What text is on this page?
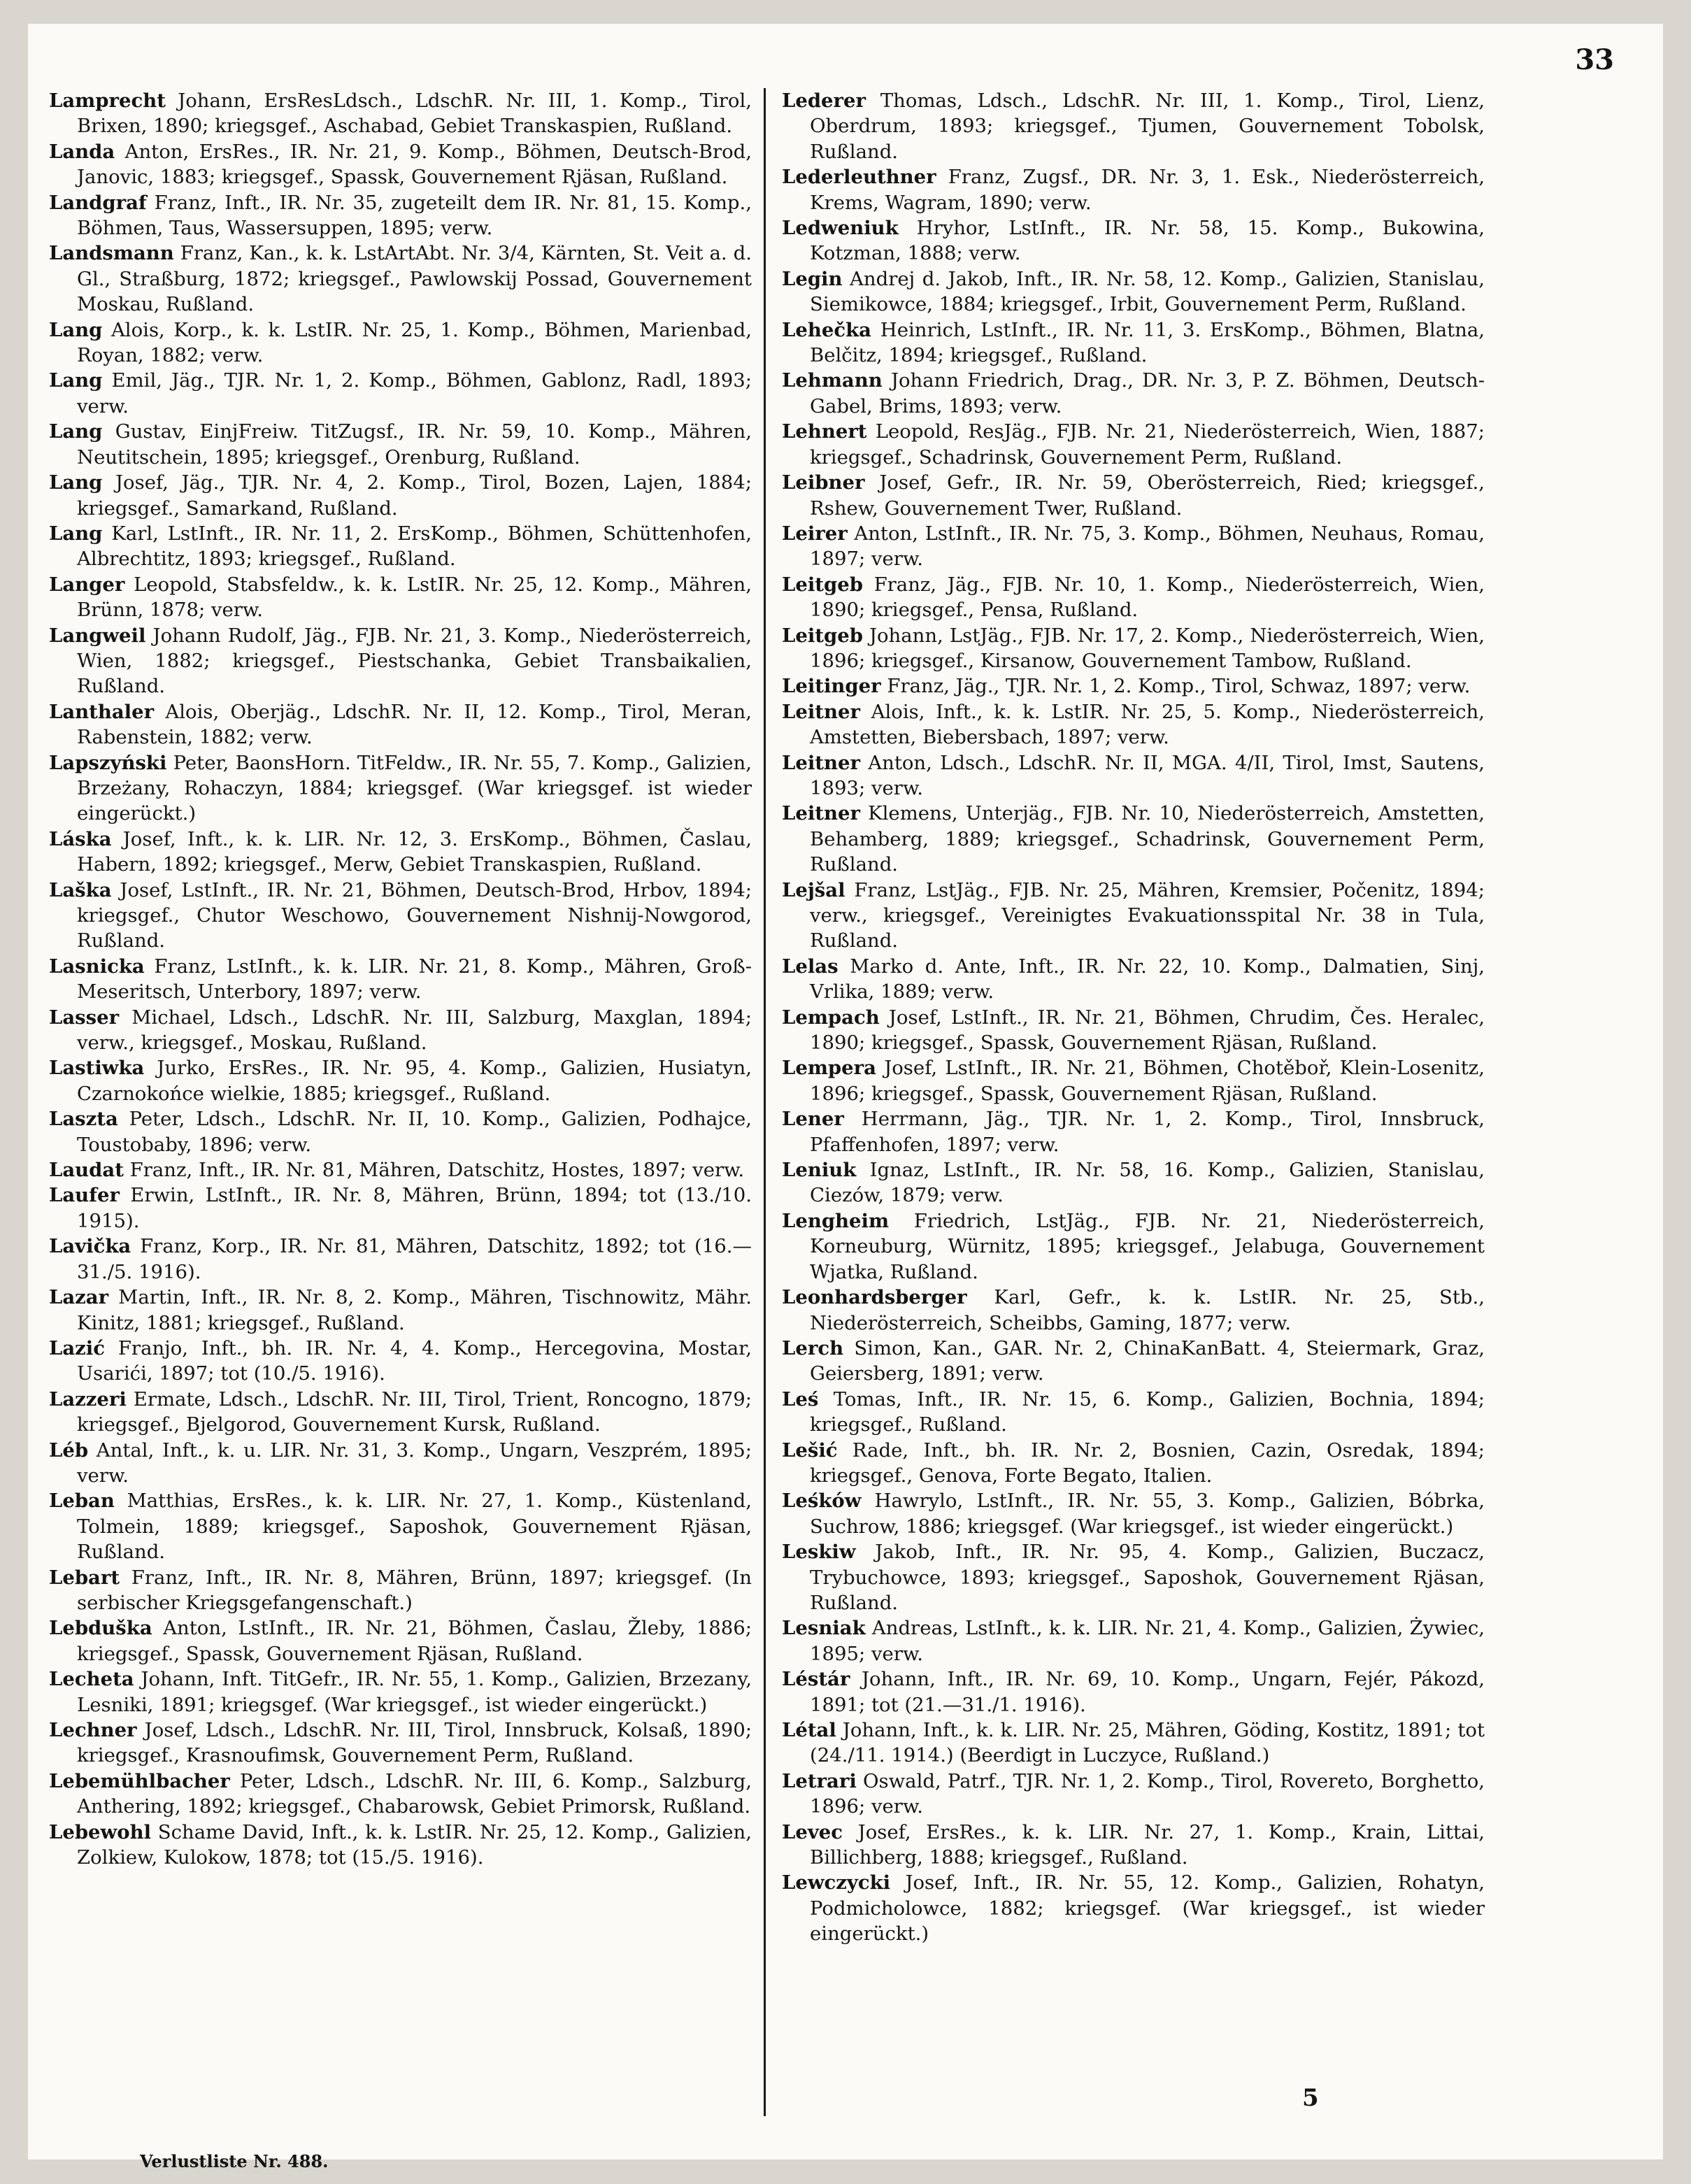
33

Lamprecht Johann, ErsResLdsch., LdschR. Nr. III, 1. Komp., Tirol, Brixen, 1890; kriegsgef., Aschabad, Gebiet Transkaspien, Rußland.

Landa Anton, ErsRes., IR. Nr. 21, 9. Komp., Böhmen, Deutsch-Brod, Janovic, 1883; kriegsgef., Spassk, Gouvernement Rjäsan, Rußland.

Landgraf Franz, Inft., IR. Nr. 35, zugeteilt dem IR. Nr. 81, 15. Komp., Böhmen, Taus, Wassersuppen, 1895; verw.

Landsmann Franz, Kan., k. k. LstArtAbt. Nr. 3/4, Kärnten, St. Veit a. d. Gl., Straßburg, 1872; kriegsgef., Pawlowskij Possad, Gouvernement Moskau, Rußland.

Lang Alois, Korp., k. k. LstIR. Nr. 25, 1. Komp., Böhmen, Marienbad, Royan, 1882; verw.

Lang Emil, Jäg., TJR. Nr. 1, 2. Komp., Böhmen, Gablonz, Radl, 1893; verw.

Lang Gustav, EinjFreiw. TitZugsf., IR. Nr. 59, 10. Komp., Mähren, Neutitschein, 1895; kriegsgef., Orenburg, Rußland.

Lang Josef, Jäg., TJR. Nr. 4, 2. Komp., Tirol, Bozen, Lajen, 1884; kriegsgef., Samarkand, Rußland.

Lang Karl, LstInft., IR. Nr. 11, 2. ErsKomp., Böhmen, Schüttenhofen, Albrechtitz, 1893; kriegsgef., Rußland.

Langer Leopold, Stabsfeldw., k. k. LstIR. Nr. 25, 12. Komp., Mähren, Brünn, 1878; verw.

Langweil Johann Rudolf, Jäg., FJB. Nr. 21, 3. Komp., Niederösterreich, Wien, 1882; kriegsgef., Piestschanka, Gebiet Transbaikalien, Rußland.

Lanthaler Alois, Oberjäg., LdschR. Nr. II, 12. Komp., Tirol, Meran, Rabenstein, 1882; verw.

Lapszyński Peter, BaonsHorn. TitFeldw., IR. Nr. 55, 7. Komp., Galizien, Brzeżany, Rohaczyn, 1884; kriegsgef. (War kriegsgef. ist wieder eingerückt.)

Láska Josef, Inft., k. k. LIR. Nr. 12, 3. ErsKomp., Böhmen, Časlau, Habern, 1892; kriegsgef., Merw, Gebiet Transkaspien, Rußland.

Laška Josef, LstInft., IR. Nr. 21, Böhmen, Deutsch-Brod, Hrbov, 1894; kriegsgef., Chutor Weschowo, Gouvernement Nishnij-Nowgorod, Rußland.

Lasnicka Franz, LstInft., k. k. LIR. Nr. 21, 8. Komp., Mähren, Groß-Meseritsch, Unterbory, 1897; verw.

Lasser Michael, Ldsch., LdschR. Nr. III, Salzburg, Maxglan, 1894; verw., kriegsgef., Moskau, Rußland.

Lastiwka Jurko, ErsRes., IR. Nr. 95, 4. Komp., Galizien, Husiatyn, Czarnokońce wielkie, 1885; kriegsgef., Rußland.

Laszta Peter, Ldsch., LdschR. Nr. II, 10. Komp., Galizien, Podhajce, Toustobaby, 1896; verw.

Laudat Franz, Inft., IR. Nr. 81, Mähren, Datschitz, Hostes, 1897; verw.

Laufer Erwin, LstInft., IR. Nr. 8, Mähren, Brünn, 1894; tot (13./10. 1915).

Lavička Franz, Korp., IR. Nr. 81, Mähren, Datschitz, 1892; tot (16.—31./5. 1916).

Lazar Martin, Inft., IR. Nr. 8, 2. Komp., Mähren, Tischnowitz, Mähr. Kinitz, 1881; kriegsgef., Rußland.

Lazić Franjo, Inft., bh. IR. Nr. 4, 4. Komp., Hercegovina, Mostar, Usarići, 1897; tot (10./5. 1916).

Lazzeri Ermate, Ldsch., LdschR. Nr. III, Tirol, Trient, Roncogno, 1879; kriegsgef., Bjelgorod, Gouvernement Kursk, Rußland.

Léb Antal, Inft., k. u. LIR. Nr. 31, 3. Komp., Ungarn, Veszprém, 1895; verw.

Leban Matthias, ErsRes., k. k. LIR. Nr. 27, 1. Komp., Küstenland, Tolmein, 1889; kriegsgef., Saposhok, Gouvernement Rjäsan, Rußland.

Lebart Franz, Inft., IR. Nr. 8, Mähren, Brünn, 1897; kriegsgef. (In serbischer Kriegsgefangenschaft.)

Lebduška Anton, LstInft., IR. Nr. 21, Böhmen, Časlau, Žleby, 1886; kriegsgef., Spassk, Gouvernement Rjäsan, Rußland.

Lecheta Johann, Inft. TitGefr., IR. Nr. 55, 1. Komp., Galizien, Brzezany, Lesniki, 1891; kriegsgef. (War kriegsgef., ist wieder eingerückt.)

Lechner Josef, Ldsch., LdschR. Nr. III, Tirol, Innsbruck, Kolsaß, 1890; kriegsgef., Krasnoufimsk, Gouvernement Perm, Rußland.

Lebemühlbacher Peter, Ldsch., LdschR. Nr. III, 6. Komp., Salzburg, Anthering, 1892; kriegsgef., Chabarowsk, Gebiet Primorsk, Rußland.

Lebewohl Schame David, Inft., k. k. LstIR. Nr. 25, 12. Komp., Galizien, Zolkiew, Kulokow, 1878; tot (15./5. 1916).

Lederer Thomas, Ldsch., LdschR. Nr. III, 1. Komp., Tirol, Lienz, Oberdrum, 1893; kriegsgef., Tjumen, Gouvernement Tobolsk, Rußland.

Lederleuthner Franz, Zugsf., DR. Nr. 3, 1. Esk., Niederösterreich, Krems, Wagram, 1890; verw.

Ledweniuk Hryhor, LstInft., IR. Nr. 58, 15. Komp., Bukowina, Kotzman, 1888; verw.

Legin Andrej d. Jakob, Inft., IR. Nr. 58, 12. Komp., Galizien, Stanislau, Siemikowce, 1884; kriegsgef., Irbit, Gouvernement Perm, Rußland.

Lehečka Heinrich, LstInft., IR. Nr. 11, 3. ErsKomp., Böhmen, Blatna, Belčitz, 1894; kriegsgef., Rußland.

Lehmann Johann Friedrich, Drag., DR. Nr. 3, P. Z. Böhmen, Deutsch-Gabel, Brims, 1893; verw.

Lehnert Leopold, ResJäg., FJB. Nr. 21, Niederösterreich, Wien, 1887; kriegsgef., Schadrinsk, Gouvernement Perm, Rußland.

Leibner Josef, Gefr., IR. Nr. 59, Oberösterreich, Ried; kriegsgef., Rshew, Gouvernement Twer, Rußland.

Leirer Anton, LstInft., IR. Nr. 75, 3. Komp., Böhmen, Neuhaus, Romau, 1897; verw.

Leitgeb Franz, Jäg., FJB. Nr. 10, 1. Komp., Niederösterreich, Wien, 1890; kriegsgef., Pensa, Rußland.

Leitgeb Johann, LstJäg., FJB. Nr. 17, 2. Komp., Niederösterreich, Wien, 1896; kriegsgef., Kirsanow, Gouvernement Tambow, Rußland.

Leitinger Franz, Jäg., TJR. Nr. 1, 2. Komp., Tirol, Schwaz, 1897; verw.

Leitner Alois, Inft., k. k. LstIR. Nr. 25, 5. Komp., Niederösterreich, Amstetten, Biebersbach, 1897; verw.

Leitner Anton, Ldsch., LdschR. Nr. II, MGA. 4/II, Tirol, Imst, Sautens, 1893; verw.

Leitner Klemens, Unterjäg., FJB. Nr. 10, Niederösterreich, Amstetten, Behamberg, 1889; kriegsgef., Schadrinsk, Gouvernement Perm, Rußland.

Lejšal Franz, LstJäg., FJB. Nr. 25, Mähren, Kremsier, Počenitz, 1894; verw., kriegsgef., Vereinigtes Evakuationsspital Nr. 38 in Tula, Rußland.

Lelas Marko d. Ante, Inft., IR. Nr. 22, 10. Komp., Dalmatien, Sinj, Vrlika, 1889; verw.

Lempach Josef, LstInft., IR. Nr. 21, Böhmen, Chrudim, Čes. Heralec, 1890; kriegsgef., Spassk, Gouvernement Rjäsan, Rußland.

Lempera Josef, LstInft., IR. Nr. 21, Böhmen, Chotěboř, Klein-Losenitz, 1896; kriegsgef., Spassk, Gouvernement Rjäsan, Rußland.

Lener Herrmann, Jäg., TJR. Nr. 1, 2. Komp., Tirol, Innsbruck, Pfaffenhofen, 1897; verw.

Leniuk Ignaz, LstInft., IR. Nr. 58, 16. Komp., Galizien, Stanislau, Ciezów, 1879; verw.

Lengheim Friedrich, LstJäg., FJB. Nr. 21, Niederösterreich, Korneuburg, Würnitz, 1895; kriegsgef., Jelabuga, Gouvernement Wjatka, Rußland.

Leonhardsberger Karl, Gefr., k. k. LstIR. Nr. 25, Stb., Niederösterreich, Scheibbs, Gaming, 1877; verw.

Lerch Simon, Kan., GAR. Nr. 2, ChinaKanBatt. 4, Steiermark, Graz, Geiersberg, 1891; verw.

Leś Tomas, Inft., IR. Nr. 15, 6. Komp., Galizien, Bochnia, 1894; kriegsgef., Rußland.

Lešić Rade, Inft., bh. IR. Nr. 2, Bosnien, Cazin, Osredak, 1894; kriegsgef., Genova, Forte Begato, Italien.

Leśków Hawrylo, LstInft., IR. Nr. 55, 3. Komp., Galizien, Bóbrka, Suchrow, 1886; kriegsgef. (War kriegsgef., ist wieder eingerückt.)

Leskiw Jakob, Inft., IR. Nr. 95, 4. Komp., Galizien, Buczacz, Trybuchowce, 1893; kriegsgef., Saposhok, Gouvernement Rjäsan, Rußland.

Lesniak Andreas, LstInft., k. k. LIR. Nr. 21, 4. Komp., Galizien, Żywiec, 1895; verw.

Léstár Johann, Inft., IR. Nr. 69, 10. Komp., Ungarn, Fejér, Pákozd, 1891; tot (21.—31./1. 1916).

Létal Johann, Inft., k. k. LIR. Nr. 25, Mähren, Göding, Kostitz, 1891; tot (24./11. 1914.) (Beerdigt in Luczyce, Rußland.)

Letrari Oswald, Patrf., TJR. Nr. 1, 2. Komp., Tirol, Rovereto, Borghetto, 1896; verw.

Levec Josef, ErsRes., k. k. LIR. Nr. 27, 1. Komp., Krain, Littai, Billichberg, 1888; kriegsgef., Rußland.

Lewczycki Josef, Inft., IR. Nr. 55, 12. Komp., Galizien, Rohatyn, Podmicholowce, 1882; kriegsgef. (War kriegsgef., ist wieder eingerückt.)

Verlustliste Nr. 488.
5
